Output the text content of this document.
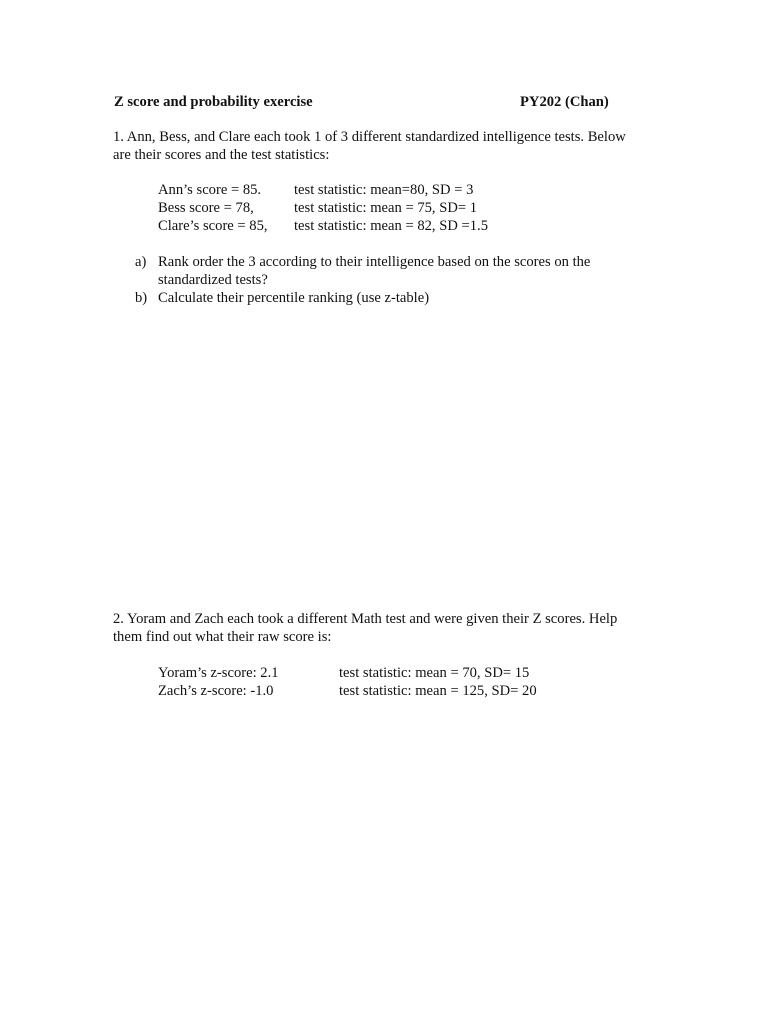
Z score and probability exercise	PY202 (Chan)
1. Ann, Bess, and Clare each took 1 of 3 different standardized intelligence tests. Below
are their scores and the test statistics:
Ann’s score = 85. test statistic: mean=80, SD = 3
Bess score = 78,	test statistic: mean = 75, SD= 1
Clare’s score = 85, test statistic: mean = 82, SD =1.5
a) Rank order the 3 according to their intelligence based on the scores on the
standardized tests?
b) Calculate their percentile ranking (use z-table)
2. Yoram and Zach each took a different Math test and were given their Z scores. Help
them find out what their raw score is:
Yoram’s z-score: 2.1	test statistic: mean = 70, SD= 15
Zach’s z-score: -1.0	test statistic: mean = 125, SD= 20
